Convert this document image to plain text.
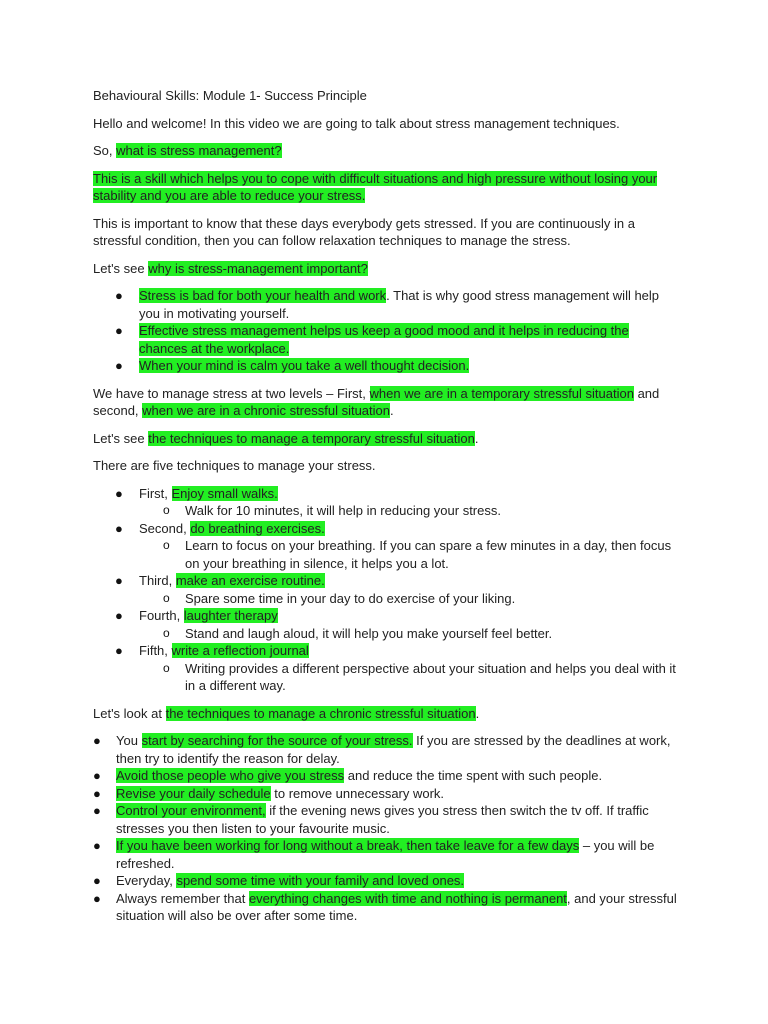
Behavioural Skills: Module 1- Success Principle

Hello and welcome! In this video we are going to talk about stress management techniques.

So, what is stress management?

This is a skill which helps you to cope with difficult situations and high pressure without losing your stability and you are able to reduce your stress.

This is important to know that these days everybody gets stressed. If you are continuously in a stressful condition, then you can follow relaxation techniques to manage the stress.

Let's see why is stress-management important?

● Stress is bad for both your health and work. That is why good stress management will help you in motivating yourself.
● Effective stress management helps us keep a good mood and it helps in reducing the chances at the workplace.
● When your mind is calm you take a well thought decision.

We have to manage stress at two levels – First, when we are in a temporary stressful situation and second, when we are in a chronic stressful situation.

Let's see the techniques to manage a temporary stressful situation.

There are five techniques to manage your stress.

● First, Enjoy small walks.
o Walk for 10 minutes, it will help in reducing your stress.
● Second, do breathing exercises.
o Learn to focus on your breathing. If you can spare a few minutes in a day, then focus on your breathing in silence, it helps you a lot.
● Third, make an exercise routine.
o Spare some time in your day to do exercise of your liking.
● Fourth, laughter therapy
o Stand and laugh aloud, it will help you make yourself feel better.
● Fifth, write a reflection journal
o Writing provides a different perspective about your situation and helps you deal with it in a different way.

Let's look at the techniques to manage a chronic stressful situation.

● You start by searching for the source of your stress. If you are stressed by the deadlines at work, then try to identify the reason for delay.
● Avoid those people who give you stress and reduce the time spent with such people.
● Revise your daily schedule to remove unnecessary work.
● Control your environment, if the evening news gives you stress then switch the tv off. If traffic stresses you then listen to your favourite music.
● If you have been working for long without a break, then take leave for a few days – you will be refreshed.
● Everyday, spend some time with your family and loved ones.
● Always remember that everything changes with time and nothing is permanent, and your stressful situation will also be over after some time.
